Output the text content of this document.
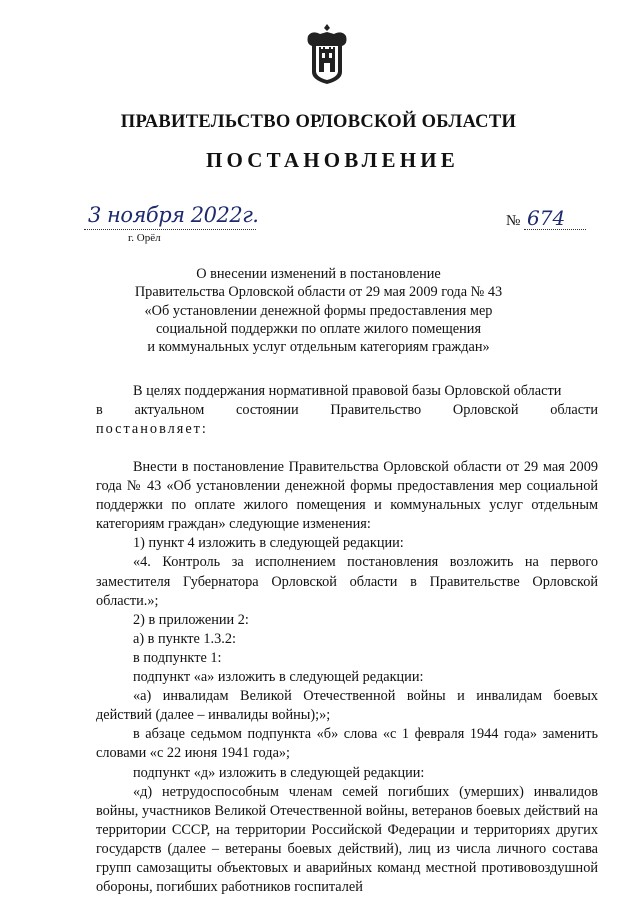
ПРАВИТЕЛЬСТВО ОРЛОВСКОЙ ОБЛАСТИ
ПОСТАНОВЛЕНИЕ
3 ноября 2022г.
г. Орёл
№ 674
О внесении изменений в постановление
Правительства Орловской области от 29 мая 2009 года № 43
«Об установлении денежной формы предоставления мер
социальной поддержки по оплате жилого помещения
и коммунальных услуг отдельным категориям граждан»
В целях поддержания нормативной правовой базы Орловской области
в актуальном состоянии Правительство Орловской области
постановляет:

Внести в постановление Правительства Орловской области от 29 мая 2009 года № 43 «Об установлении денежной формы предоставления мер социальной поддержки по оплате жилого помещения и коммунальных услуг отдельным категориям граждан» следующие изменения:

1) пункт 4 изложить в следующей редакции:

«4. Контроль за исполнением постановления возложить на первого заместителя Губернатора Орловской области в Правительстве Орловской области.»;

2) в приложении 2:

а) в пункте 1.3.2:

в подпункте 1:

подпункт «а» изложить в следующей редакции:

«а) инвалидам Великой Отечественной войны и инвалидам боевых действий (далее – инвалиды войны);»;

в абзаце седьмом подпункта «б» слова «с 1 февраля 1944 года» заменить словами «с 22 июня 1941 года»;

подпункт «д» изложить в следующей редакции:

«д) нетрудоспособным членам семей погибших (умерших) инвалидов войны, участников Великой Отечественной войны, ветеранов боевых действий на территории СССР, на территории Российской Федерации и территориях других государств (далее – ветераны боевых действий), лиц из числа личного состава групп самозащиты объектовых и аварийных команд местной противовоздушной обороны, погибших работников госпиталей
